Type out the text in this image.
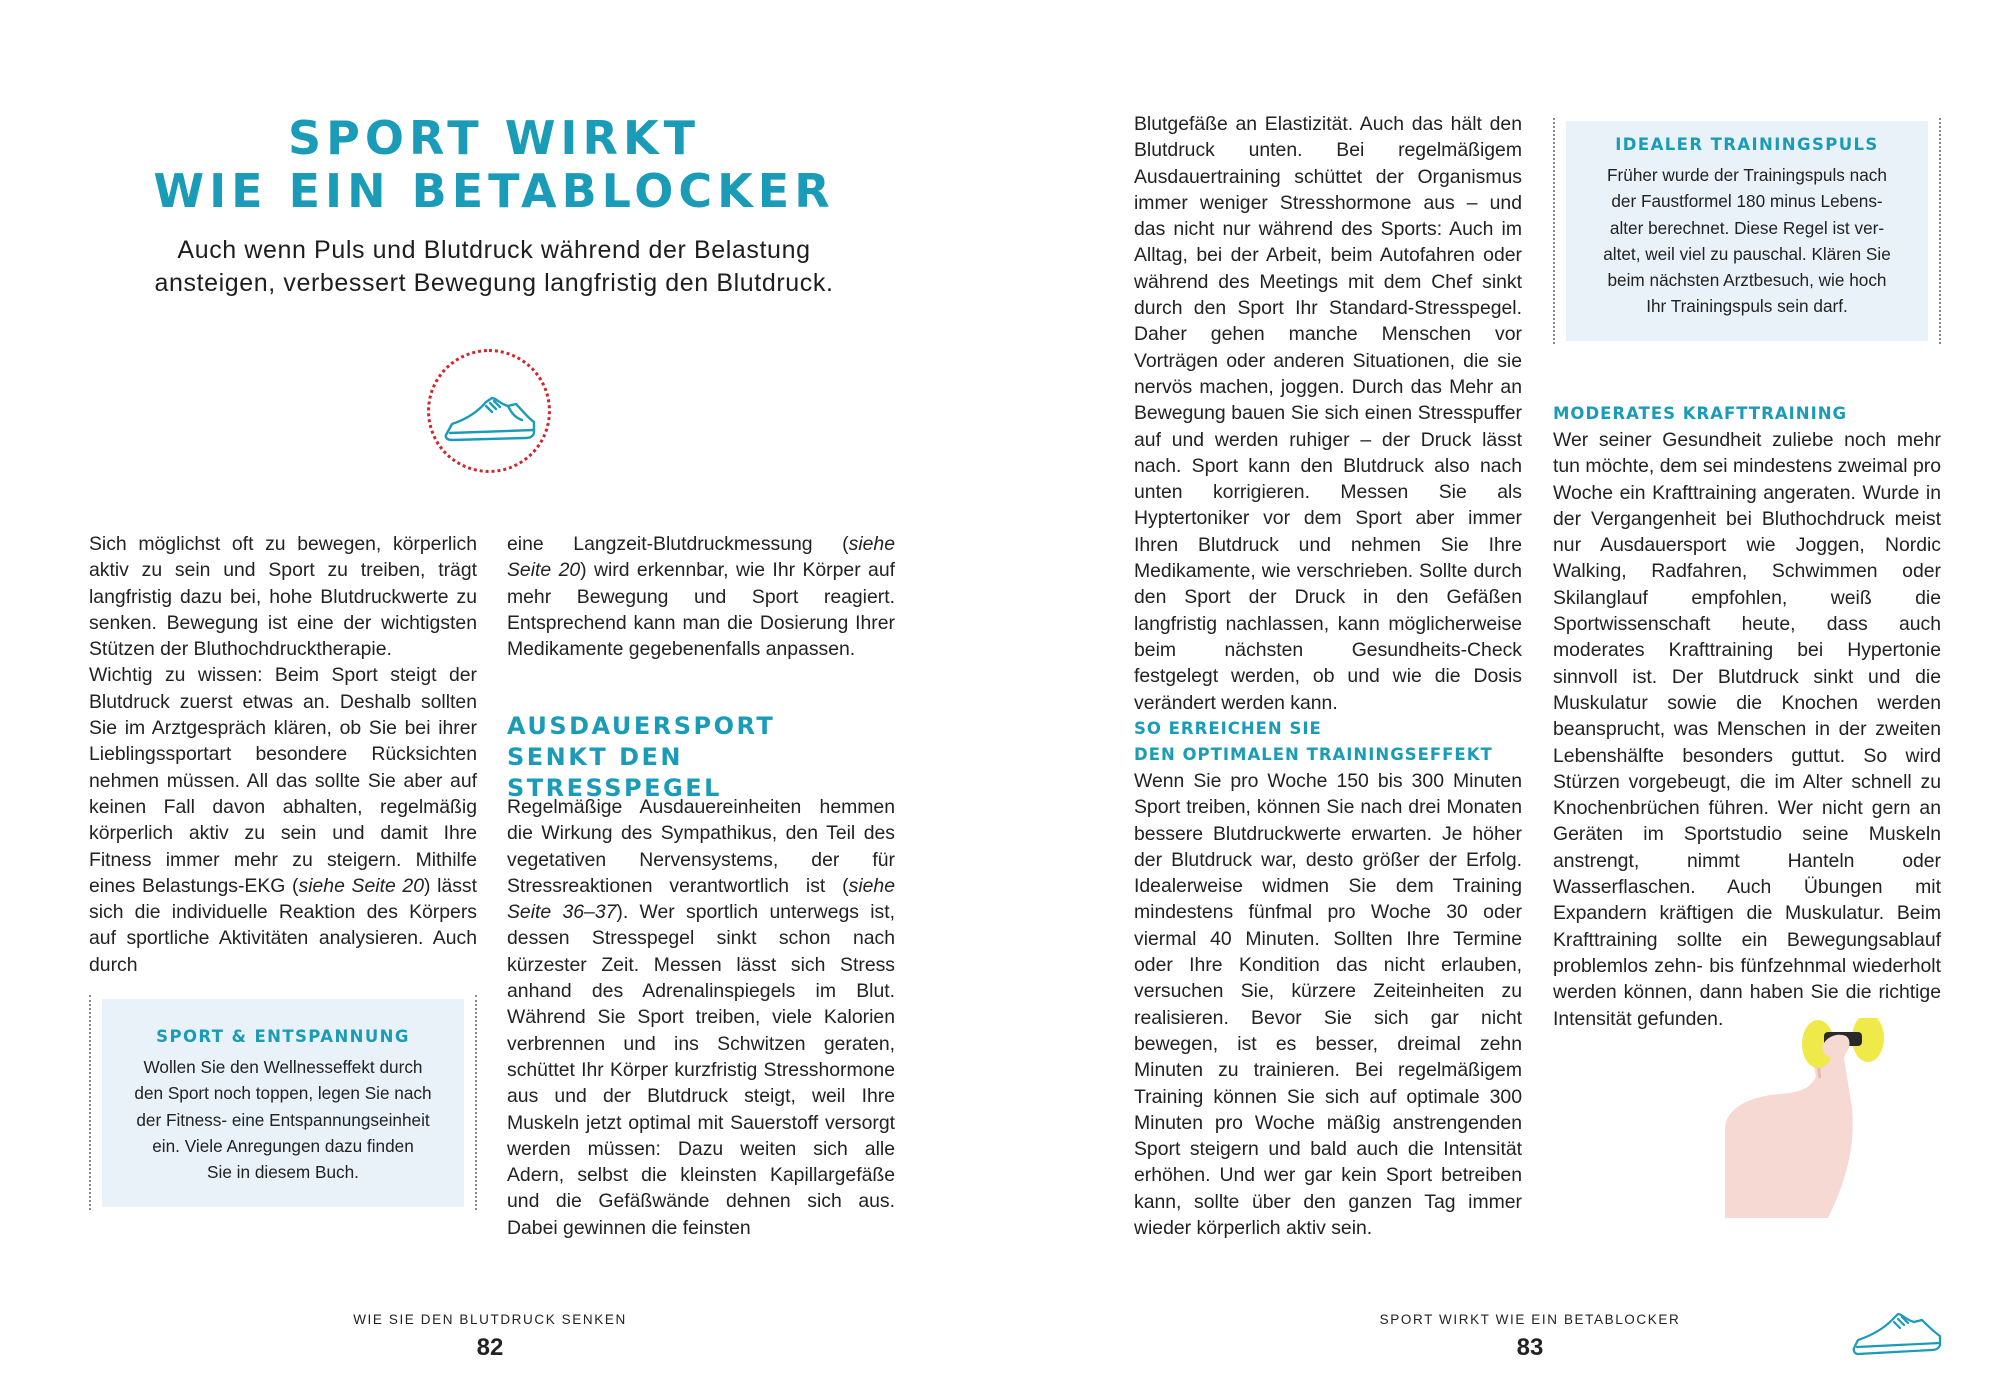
SPORT WIRKT
WIE EIN BETABLOCKER
Auch wenn Puls und Blutdruck während der Belastung
ansteigen, verbessert Bewegung langfristig den Blutdruck.

Sich möglichst oft zu bewegen, körperlich aktiv zu sein und Sport zu treiben, trägt langfristig dazu bei, hohe Blutdruckwerte zu senken. Bewegung ist eine der wichtigsten Stützen der Bluthochdrucktherapie.

Wichtig zu wissen: Beim Sport steigt der Blutdruck zuerst etwas an. Deshalb sollten Sie im Arztgespräch klären, ob Sie bei ihrer Lieblingssportart besondere Rücksichten nehmen müssen. All das sollte Sie aber auf keinen Fall davon abhalten, regelmäßig körperlich aktiv zu sein und damit Ihre Fitness immer mehr zu steigern. Mithilfe eines Belastungs-EKG (siehe Seite 20) lässt sich die individuelle Reaktion des Körpers auf sportliche Aktivitäten analysieren. Auch durch

SPORT & ENTSPANNUNG
Wollen Sie den Wellnesseffekt durch
den Sport noch toppen, legen Sie nach
der Fitness- eine Entspannungseinheit
ein. Viele Anregungen dazu finden
Sie in diesem Buch.

eine Langzeit-Blutdruckmessung (siehe Seite 20) wird erkennbar, wie Ihr Körper auf mehr Bewegung und Sport reagiert. Entsprechend kann man die Dosierung Ihrer Medikamente gegebenenfalls anpassen.

AUSDAUERSPORT
SENKT DEN STRESSPEGEL

Regelmäßige Ausdauereinheiten hemmen die Wirkung des Sympathikus, den Teil des vegetativen Nervensystems, der für Stressreaktionen verantwortlich ist (siehe Seite 36–37). Wer sportlich unterwegs ist, dessen Stresspegel sinkt schon nach kürzester Zeit. Messen lässt sich Stress anhand des Adrenalinspiegels im Blut. Während Sie Sport treiben, viele Kalorien verbrennen und ins Schwitzen geraten, schüttet Ihr Körper kurzfristig Stresshormone aus und der Blutdruck steigt, weil Ihre Muskeln jetzt optimal mit Sauerstoff versorgt werden müssen: Dazu weiten sich alle Adern, selbst die kleinsten Kapillargefäße und die Gefäßwände dehnen sich aus. Dabei gewinnen die feinsten

WIE SIE DEN BLUTDRUCK SENKEN
82

Blutgefäße an Elastizität. Auch das hält den Blutdruck unten. Bei regelmäßigem Ausdauertraining schüttet der Organismus immer weniger Stresshormone aus – und das nicht nur während des Sports: Auch im Alltag, bei der Arbeit, beim Autofahren oder während des Meetings mit dem Chef sinkt durch den Sport Ihr Standard-Stresspegel. Daher gehen manche Menschen vor Vorträgen oder anderen Situationen, die sie nervös machen, joggen. Durch das Mehr an Bewegung bauen Sie sich einen Stresspuffer auf und werden ruhiger – der Druck lässt nach. Sport kann den Blutdruck also nach unten korrigieren. Messen Sie als Hyptertoniker vor dem Sport aber immer Ihren Blutdruck und nehmen Sie Ihre Medikamente, wie verschrieben. Sollte durch den Sport der Druck in den Gefäßen langfristig nachlassen, kann möglicherweise beim nächsten Gesundheits-Check festgelegt werden, ob und wie die Dosis verändert werden kann.

SO ERREICHEN SIE
DEN OPTIMALEN TRAININGSEFFEKT

Wenn Sie pro Woche 150 bis 300 Minuten Sport treiben, können Sie nach drei Monaten bessere Blutdruckwerte erwarten. Je höher der Blutdruck war, desto größer der Erfolg. Idealerweise widmen Sie dem Training mindestens fünfmal pro Woche 30 oder viermal 40 Minuten. Sollten Ihre Termine oder Ihre Kondition das nicht erlauben, versuchen Sie, kürzere Zeiteinheiten zu realisieren. Bevor Sie sich gar nicht bewegen, ist es besser, dreimal zehn Minuten zu trainieren. Bei regelmäßigem Training können Sie sich auf optimale 300 Minuten pro Woche mäßig anstrengenden Sport steigern und bald auch die Intensität erhöhen. Und wer gar kein Sport betreiben kann, sollte über den ganzen Tag immer wieder körperlich aktiv sein.

IDEALER TRAININGSPULS
Früher wurde der Trainingspuls nach
der Faustformel 180 minus Lebens-
alter berechnet. Diese Regel ist ver-
altet, weil viel zu pauschal. Klären Sie
beim nächsten Arztbesuch, wie hoch
Ihr Trainingspuls sein darf.
MODERATES KRAFTTRAINING

Wer seiner Gesundheit zuliebe noch mehr tun möchte, dem sei mindestens zweimal pro Woche ein Krafttraining angeraten. Wurde in der Vergangenheit bei Bluthochdruck meist nur Ausdauersport wie Joggen, Nordic Walking, Radfahren, Schwimmen oder Skilanglauf empfohlen, weiß die Sportwissenschaft heute, dass auch moderates Krafttraining bei Hypertonie sinnvoll ist. Der Blutdruck sinkt und die Muskulatur sowie die Knochen werden beansprucht, was Menschen in der zweiten Lebenshälfte besonders guttut. So wird Stürzen vorgebeugt, die im Alter schnell zu Knochenbrüchen führen. Wer nicht gern an Geräten im Sportstudio seine Muskeln anstrengt, nimmt Hanteln oder Wasserflaschen. Auch Übungen mit Expandern kräftigen die Muskulatur. Beim Krafttraining sollte ein Bewegungsablauf problemlos zehn- bis fünfzehnmal wiederholt werden können, dann haben Sie die richtige Intensität gefunden.

SPORT WIRKT WIE EIN BETABLOCKER
83
